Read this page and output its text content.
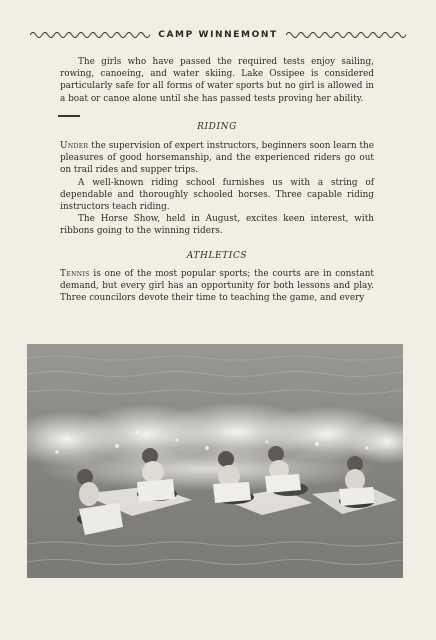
CAMP WINNEMONT

The girls who have passed the required tests enjoy sailing, rowing, canoeing, and water skiing. Lake Ossipee is considered particularly safe for all forms of water sports but no girl is allowed in a boat or canoe alone until she has passed tests proving her ability.

RIDING

Under the supervision of expert instructors, beginners soon learn the pleasures of good horsemanship, and the experienced riders go out on trail rides and supper trips.

A well-known riding school furnishes us with a string of dependable and thoroughly schooled horses. Three capable riding instructors teach riding.

The Horse Show, held in August, excites keen interest, with ribbons going to the winning riders.

ATHLETICS

Tennis is one of the most popular sports; the courts are in constant demand, but every girl has an opportunity for both lessons and play. Three councilors devote their time to teaching the game, and every
